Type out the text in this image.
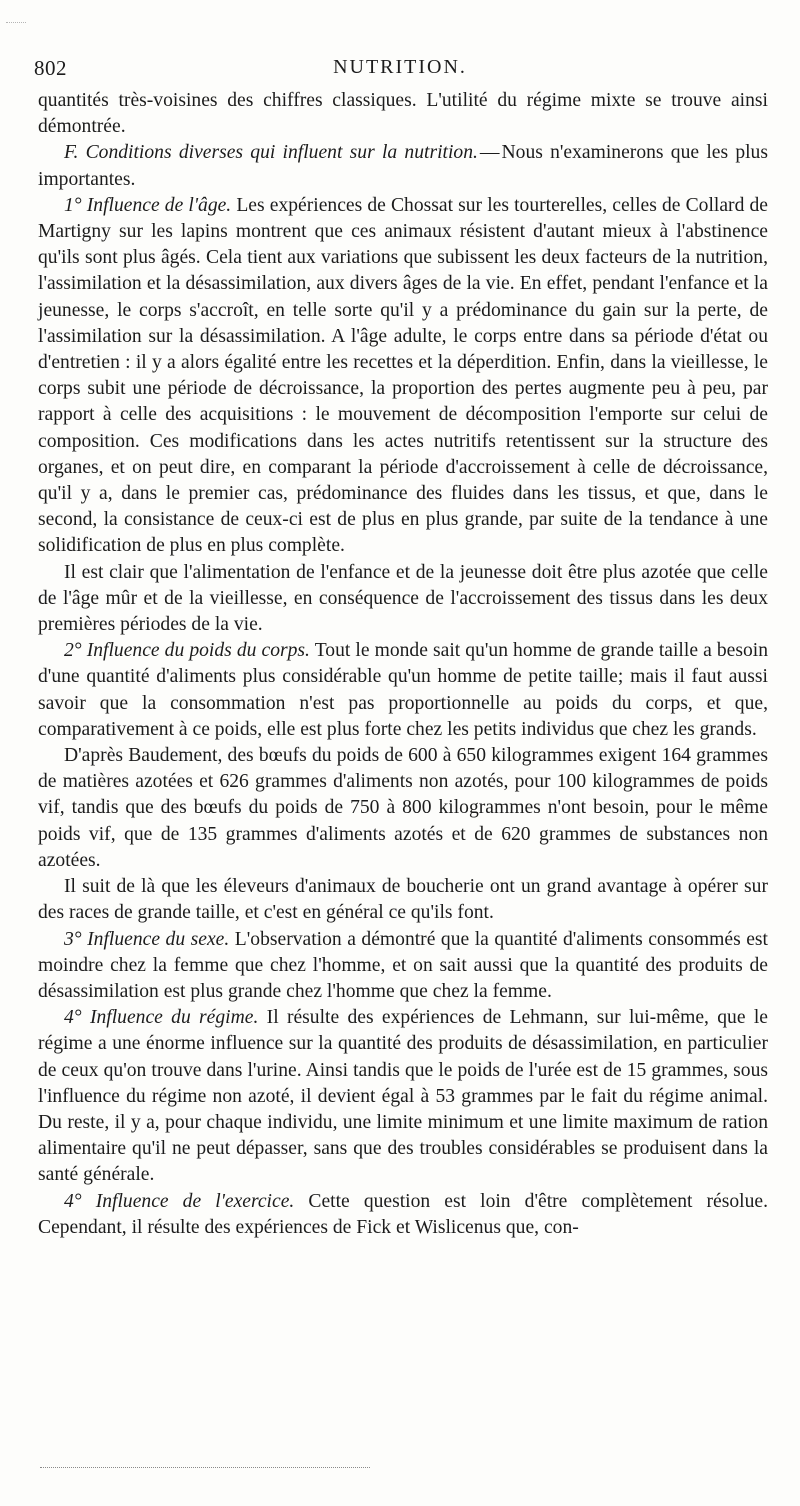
802	NUTRITION.

quantités très-voisines des chiffres classiques. L'utilité du régime mixte se trouve ainsi démontrée.

F. Conditions diverses qui influent sur la nutrition. — Nous n'examinerons que les plus importantes.

1° Influence de l'âge. Les expériences de Chossat sur les tourterelles, celles de Collard de Martigny sur les lapins montrent que ces animaux résistent d'autant mieux à l'abstinence qu'ils sont plus âgés. Cela tient aux variations que subissent les deux facteurs de la nutrition, l'assimilation et la désassimilation, aux divers âges de la vie. En effet, pendant l'enfance et la jeunesse, le corps s'accroît, en telle sorte qu'il y a prédominance du gain sur la perte, de l'assimilation sur la désassimilation. A l'âge adulte, le corps entre dans sa période d'état ou d'entretien : il y a alors égalité entre les recettes et la déperdition. Enfin, dans la vieillesse, le corps subit une période de décroissance, la proportion des pertes augmente peu à peu, par rapport à celle des acquisitions : le mouvement de décomposition l'emporte sur celui de composition. Ces modifications dans les actes nutritifs retentissent sur la structure des organes, et on peut dire, en comparant la période d'accroissement à celle de décroissance, qu'il y a, dans le premier cas, prédominance des fluides dans les tissus, et que, dans le second, la consistance de ceux-ci est de plus en plus grande, par suite de la tendance à une solidification de plus en plus complète.

Il est clair que l'alimentation de l'enfance et de la jeunesse doit être plus azotée que celle de l'âge mûr et de la vieillesse, en conséquence de l'accroissement des tissus dans les deux premières périodes de la vie.

2° Influence du poids du corps. Tout le monde sait qu'un homme de grande taille a besoin d'une quantité d'aliments plus considérable qu'un homme de petite taille; mais il faut aussi savoir que la consommation n'est pas proportionnelle au poids du corps, et que, comparativement à ce poids, elle est plus forte chez les petits individus que chez les grands.

D'après Baudement, des bœufs du poids de 600 à 650 kilogrammes exigent 164 grammes de matières azotées et 626 grammes d'aliments non azotés, pour 100 kilogrammes de poids vif, tandis que des bœufs du poids de 750 à 800 kilogrammes n'ont besoin, pour le même poids vif, que de 135 grammes d'aliments azotés et de 620 grammes de substances non azotées.

Il suit de là que les éleveurs d'animaux de boucherie ont un grand avantage à opérer sur des races de grande taille, et c'est en général ce qu'ils font.

3° Influence du sexe. L'observation a démontré que la quantité d'aliments consommés est moindre chez la femme que chez l'homme, et on sait aussi que la quantité des produits de désassimilation est plus grande chez l'homme que chez la femme.

4° Influence du régime. Il résulte des expériences de Lehmann, sur lui-même, que le régime a une énorme influence sur la quantité des produits de désassimilation, en particulier de ceux qu'on trouve dans l'urine. Ainsi tandis que le poids de l'urée est de 15 grammes, sous l'influence du régime non azoté, il devient égal à 53 grammes par le fait du régime animal. Du reste, il y a, pour chaque individu, une limite minimum et une limite maximum de ration alimentaire qu'il ne peut dépasser, sans que des troubles considérables se produisent dans la santé générale.

4° Influence de l'exercice. Cette question est loin d'être complètement résolue. Cependant, il résulte des expériences de Fick et Wislicenus que, con-
